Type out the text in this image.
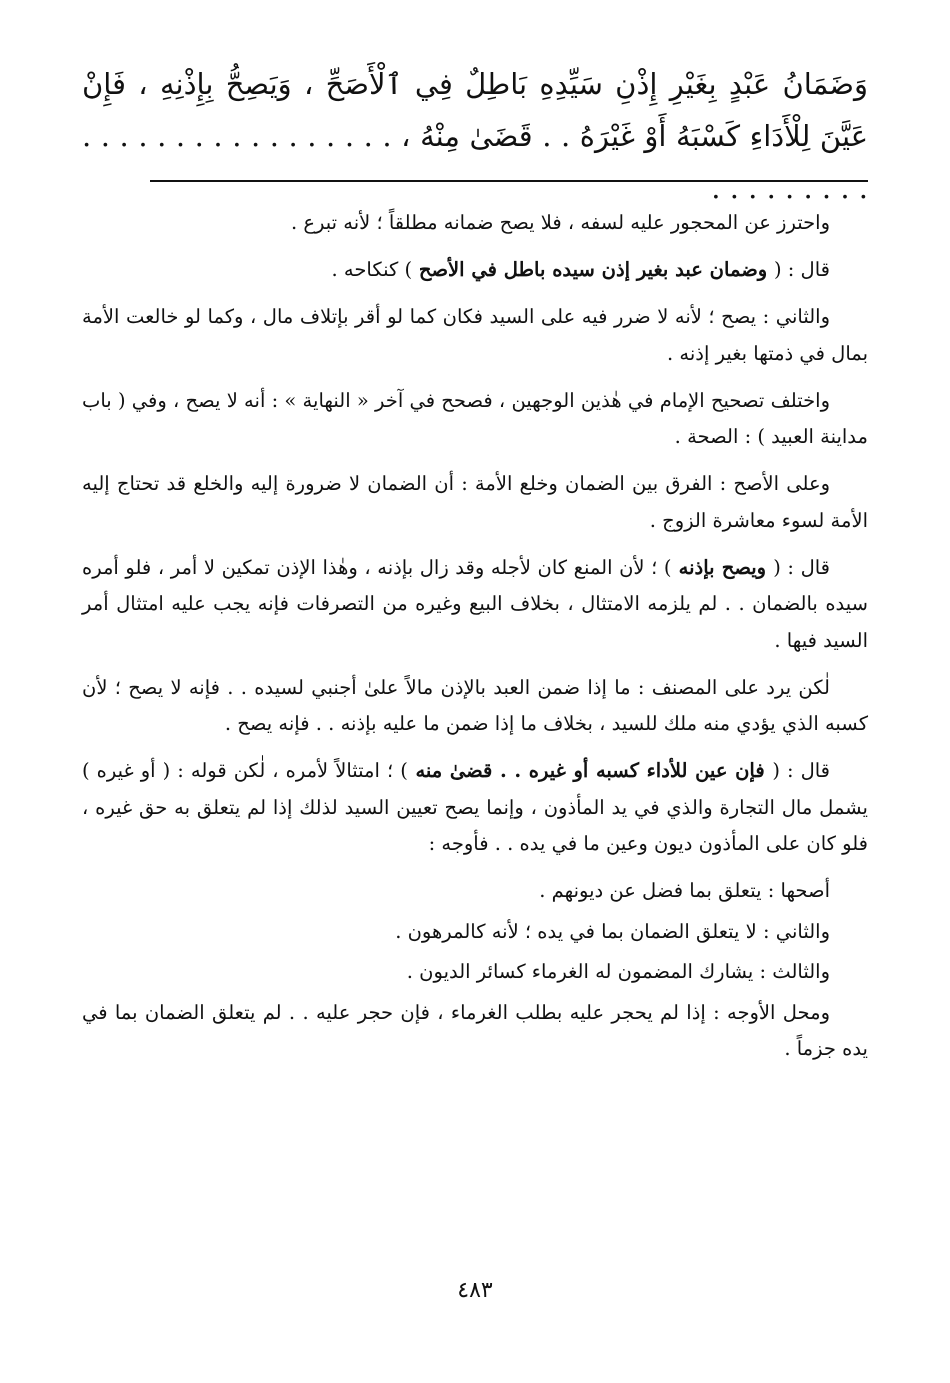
وَضَمَانُ عَبْدٍ بِغَيْرِ إِذْنِ سَيِّدِهِ بَاطِلٌ فِي ٱلْأَصَحِّ ، وَيَصِحُّ بِإِذْنِهِ ، فَإِنْ عَيَّنَ لِلْأَدَاءِ كَسْبَهُ أَوْ غَيْرَهُ . . قَضَىٰ مِنْهُ ، . . . . . . . . . . . . . . . . . . . . . . . . . .

واحترز عن المحجور عليه لسفه ، فلا يصح ضمانه مطلقاً ؛ لأنه تبرع .

قال : ( وضمان عبد بغير إذن سيده باطل في الأصح ) كنكاحه .

والثاني : يصح ؛ لأنه لا ضرر فيه على السيد فكان كما لو أقر بإتلاف مال ، وكما لو خالعت الأمة بمال في ذمتها بغير إذنه .

واختلف تصحيح الإمام في هٰذين الوجهين ، فصحح في آخر « النهاية » : أنه لا يصح ، وفي ( باب مداينة العبيد ) : الصحة .

وعلى الأصح : الفرق بين الضمان وخلع الأمة : أن الضمان لا ضرورة إليه والخلع قد تحتاج إليه الأمة لسوء معاشرة الزوج .

قال : ( ويصح بإذنه ) ؛ لأن المنع كان لأجله وقد زال بإذنه ، وهٰذا الإذن تمكين لا أمر ، فلو أمره سيده بالضمان . . لم يلزمه الامتثال ، بخلاف البيع وغيره من التصرفات فإنه يجب عليه امتثال أمر السيد فيها .

لٰكن يرد على المصنف : ما إذا ضمن العبد بالإذن مالاً علىٰ أجنبي لسيده . . فإنه لا يصح ؛ لأن كسبه الذي يؤدي منه ملك للسيد ، بخلاف ما إذا ضمن ما عليه بإذنه . . فإنه يصح .

قال : ( فإن عين للأداء كسبه أو غيره . . قضىٰ منه ) ؛ امتثالاً لأمره ، لٰكن قوله : ( أو غيره ) يشمل مال التجارة والذي في يد المأذون ، وإنما يصح تعيين السيد لذلك إذا لم يتعلق به حق غيره ، فلو كان على المأذون ديون وعين ما في يده . . فأوجه :

أصحها : يتعلق بما فضل عن ديونهم .

والثاني : لا يتعلق الضمان بما في يده ؛ لأنه كالمرهون .

والثالث : يشارك المضمون له الغرماء كسائر الديون .

ومحل الأوجه : إذا لم يحجر عليه بطلب الغرماء ، فإن حجر عليه . . لم يتعلق الضمان بما في يده جزماً .

٤٨٣
